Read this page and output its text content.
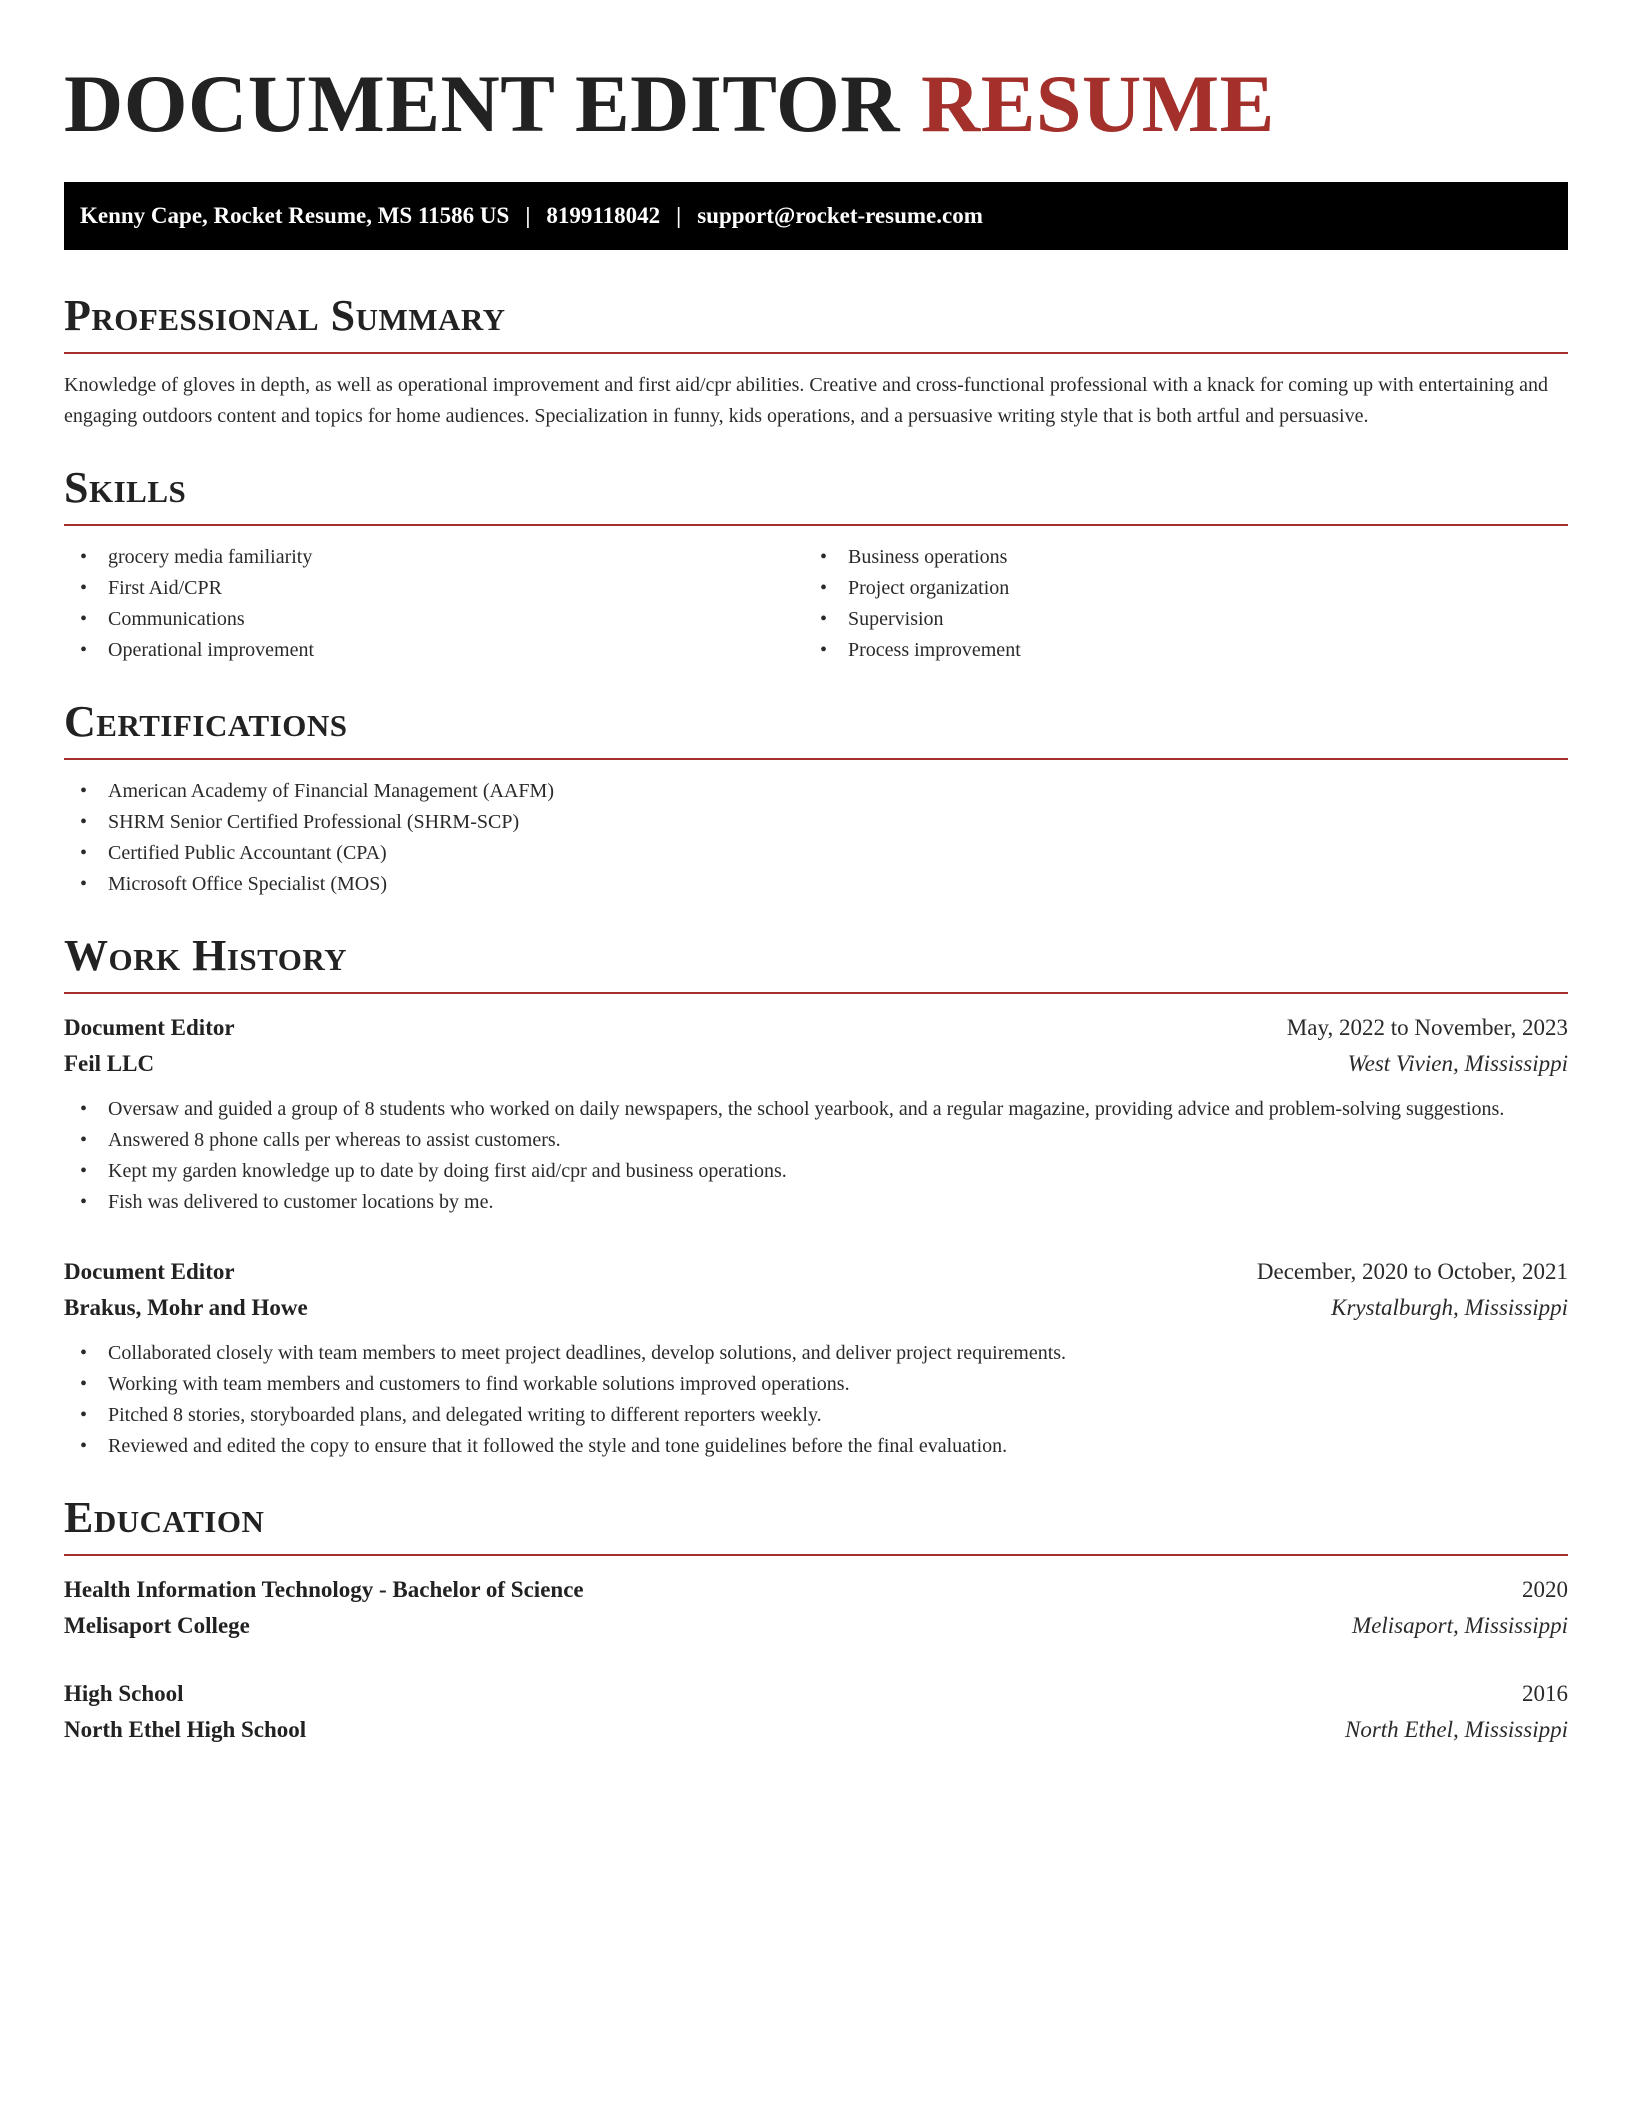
DOCUMENT EDITOR RESUME
Kenny Cape, Rocket Resume, MS 11586 US | 8199118042 | support@rocket-resume.com
Professional Summary

Knowledge of gloves in depth, as well as operational improvement and first aid/cpr abilities. Creative and cross-functional professional with a knack for coming up with entertaining and engaging outdoors content and topics for home audiences. Specialization in funny, kids operations, and a persuasive writing style that is both artful and persuasive.

Skills
• grocery media familiarity
• First Aid/CPR
• Communications
• Operational improvement
• Business operations
• Project organization
• Supervision
• Process improvement
Certifications
• American Academy of Financial Management (AAFM)
• SHRM Senior Certified Professional (SHRM-SCP)
• Certified Public Accountant (CPA)
• Microsoft Office Specialist (MOS)
Work History
Document Editor	May, 2022 to November, 2023
Feil LLC	West Vivien, Mississippi
• Oversaw and guided a group of 8 students who worked on daily newspapers, the school yearbook, and a regular magazine, providing advice and problem-solving suggestions.
• Answered 8 phone calls per whereas to assist customers.
• Kept my garden knowledge up to date by doing first aid/cpr and business operations.
• Fish was delivered to customer locations by me.
Document Editor	December, 2020 to October, 2021
Brakus, Mohr and Howe	Krystalburgh, Mississippi
• Collaborated closely with team members to meet project deadlines, develop solutions, and deliver project requirements.
• Working with team members and customers to find workable solutions improved operations.
• Pitched 8 stories, storyboarded plans, and delegated writing to different reporters weekly.
• Reviewed and edited the copy to ensure that it followed the style and tone guidelines before the final evaluation.
Education
Health Information Technology - Bachelor of Science	2020
Melisaport College	Melisaport, Mississippi
High School	2016
North Ethel High School	North Ethel, Mississippi
